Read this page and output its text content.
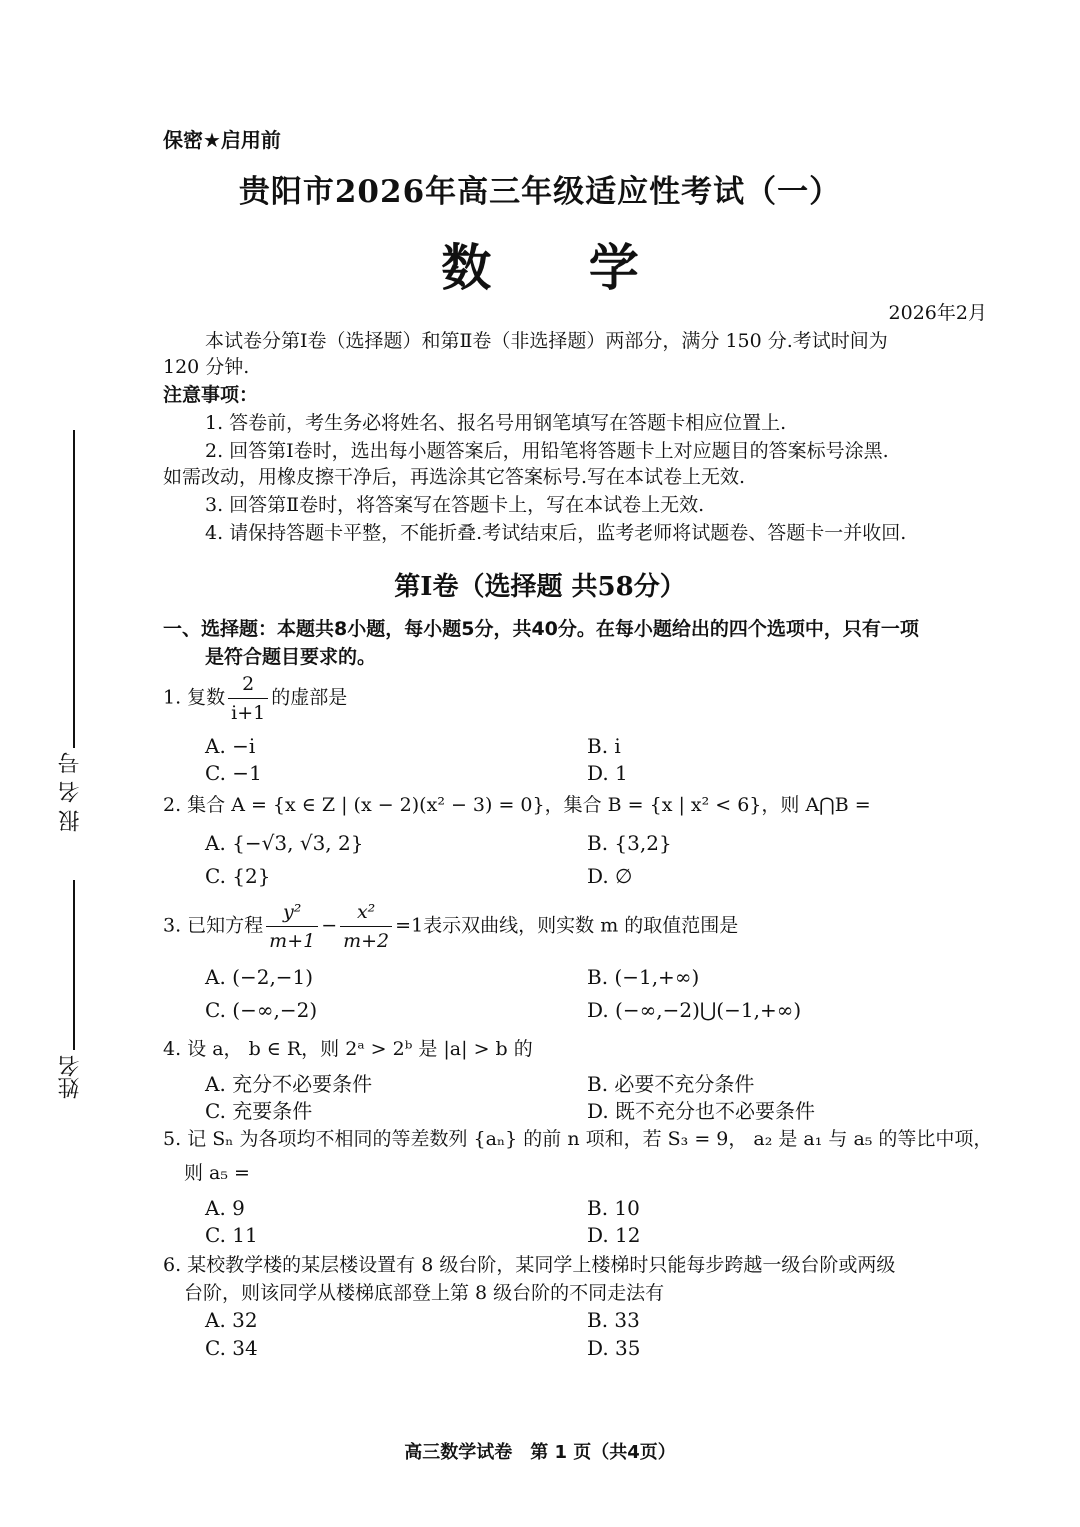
报 名 号
姓名
保密★启用前
贵阳市2026年高三年级适应性考试（一）
数 学
2026年2月
本试卷分第Ⅰ卷（选择题）和第Ⅱ卷（非选择题）两部分，满分 150 分.考试时间为
120 分钟.
注意事项：
1. 答卷前，考生务必将姓名、报名号用钢笔填写在答题卡相应位置上.
2. 回答第Ⅰ卷时，选出每小题答案后，用铅笔将答题卡上对应题目的答案标号涂黑.
如需改动，用橡皮擦干净后，再选涂其它答案标号.写在本试卷上无效.
3. 回答第Ⅱ卷时，将答案写在答题卡上，写在本试卷上无效.
4. 请保持答题卡平整，不能折叠.考试结束后，监考老师将试题卷、答题卡一并收回.
第Ⅰ卷（选择题 共58分）
一、选择题：本题共8小题，每小题5分，共40分。在每小题给出的四个选项中，只有一项
是符合题目要求的。
1. 复数 $\frac{2}{i+1}$ 的虚部是
A. −i	B. i
C. −1	D. 1
2. 集合 A = {x ∈ Z | (x − 2)(x² − 3) = 0}，集合 B = {x | x² < 6}，则 A⋂B =
A. {−√3, √3, 2}	B. {3,2}
C. {2}	D. ∅
3. 已知方程 $\frac{\text{y²}}{m+1} - \frac{\text{x²}}{m+2} =1$表示双曲线，则实数 m 的取值范围是
A. (−2,−1)	B. (−1,+∞)
C. (−∞,−2)	D. (−∞,−2)⋃(−1,+∞)
4. 设 a， b ∈ R，则 2ᵃ > 2ᵇ 是 |a| > b 的
A. 充分不必要条件	B. 必要不充分条件
C. 充要条件	D. 既不充分也不必要条件
5. 记 Sₙ 为各项均不相同的等差数列 {aₙ} 的前 n 项和，若 S₃ = 9， a₂ 是 a₁ 与 a₅ 的等比中项，
则 a₅ =
A. 9	B. 10
C. 11	D. 12
6. 某校教学楼的某层楼设置有 8 级台阶，某同学上楼梯时只能每步跨越一级台阶或两级
台阶，则该同学从楼梯底部登上第 8 级台阶的不同走法有
A. 32	B. 33
C. 34	D. 35
高三数学试卷　第 1 页（共4页）
